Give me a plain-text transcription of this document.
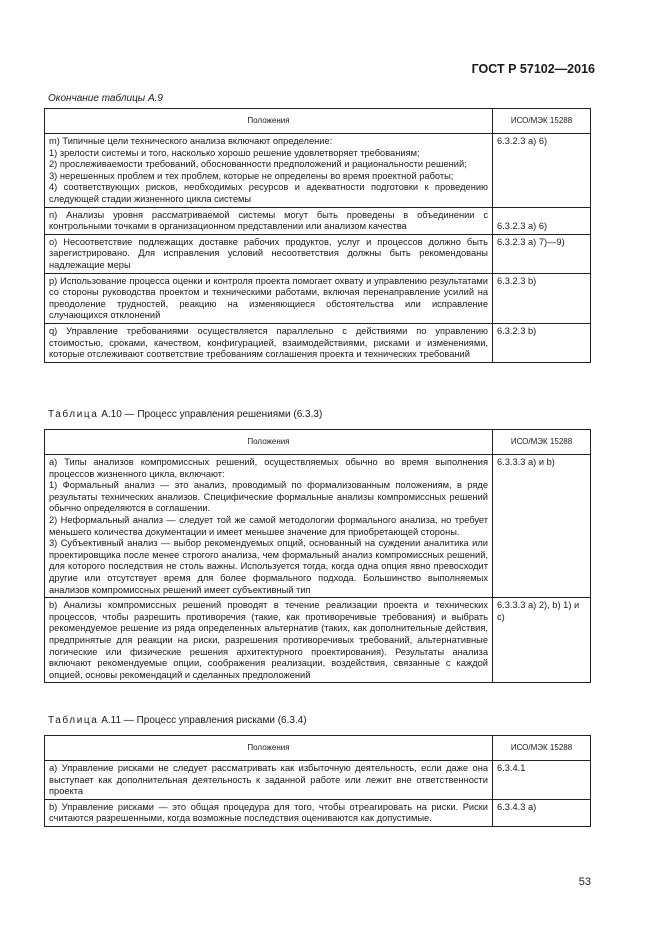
ГОСТ Р 57102—2016
Окончание таблицы А.9
Положения	ИСО/МЭК 15288

m) Типичные цели технического анализа включают определение:
1) зрелости системы и того, насколько хорошо решение удовлетворяет требованиям;
2) прослеживаемости требований, обоснованности предположений и рациональности решений;
3) нерешенных проблем и тех проблем, которые не определены во время проектной работы;
4) соответствующих рисков, необходимых ресурсов и адекватности подготовки к проведению следующей стадии жизненного цикла системы	6.3.2.3 a) 6)

n) Анализы уровня рассматриваемой системы могут быть проведены в объединении с контрольными точками в организационном представлении или анализом качества	6.3.2.3 a) 6)

o) Несоответствие подлежащих доставке рабочих продуктов, услуг и процессов должно быть зарегистрировано. Для исправления условий несоответствия должны быть рекомендованы надлежащие меры	6.3.2.3 a) 7)—9)

p) Использование процесса оценки и контроля проекта помогает охвату и управлению результатами со стороны руководства проектом и техническими работами, включая перенаправление усилий на преодоление трудностей, реакцию на изменяющиеся обстоятельства или исправление случающихся отклонений	6.3.2.3 b)

q) Управление требованиями осуществляется параллельно с действиями по управлению стоимостью, сроками, качеством, конфигурацией, взаимодействиями, рисками и изменениями, которые отслеживают соответствие требованиям соглашения проекта и технических требований	6.3.2.3 b)
Таблица А.10 — Процесс управления решениями (6.3.3)
Положения	ИСО/МЭК 15288

a) Типы анализов компромиссных решений, осуществляемых обычно во время выполнения процессов жизненного цикла, включают:
1) Формальный анализ — это анализ, проводимый по формализованным положениям, в ряде результаты технических анализов. Специфические формальные анализы компромиссных решений обычно определяются в соглашении.
2) Неформальный анализ — следует той же самой методологии формального анализа, но требует меньшего количества документации и имеет меньшее значение для приобретающей стороны.
3) Субъективный анализ — выбор рекомендуемых опций, основанный на суждении аналитика или проектировщика после менее строгого анализа, чем формальный анализ компромиссных решений, для которого последствия не столь важны. Используется тогда, когда одна опция явно превосходит другие или отсутствует время для более формального подхода. Большинство выполняемых анализов компромиссных решений имеет субъективный тип	6.3.3.3 a) и b)

b) Анализы компромиссных решений проводят в течение реализации проекта и технических процессов, чтобы разрешить противоречия (такие, как противоречивые требования) и выбрать рекомендуемое решение из ряда определенных альтернатив (таких, как дополнительные действия, предпринятые для реакции на риски, разрешения противоречивых требований, альтернативные логические или физические решения архитектурного проектирования). Результаты анализа включают рекомендуемые опции, соображения реализации, воздействия, связанные с каждой опцией, основы рекомендаций и сделанных предположений	6.3.3.3 a) 2), b) 1) и c)
Таблица А.11 — Процесс управления рисками (6.3.4)
Положения	ИСО/МЭК 15288

a) Управление рисками не следует рассматривать как избыточную деятельность, если даже она выступает как дополнительная деятельность к заданной работе или лежит вне ответственности проекта	6.3.4.1

b) Управление рисками — это общая процедура для того, чтобы отреагировать на риски. Риски считаются разрешенными, когда возможные последствия оцениваются как допустимые.	6.3.4.3 a)
53
